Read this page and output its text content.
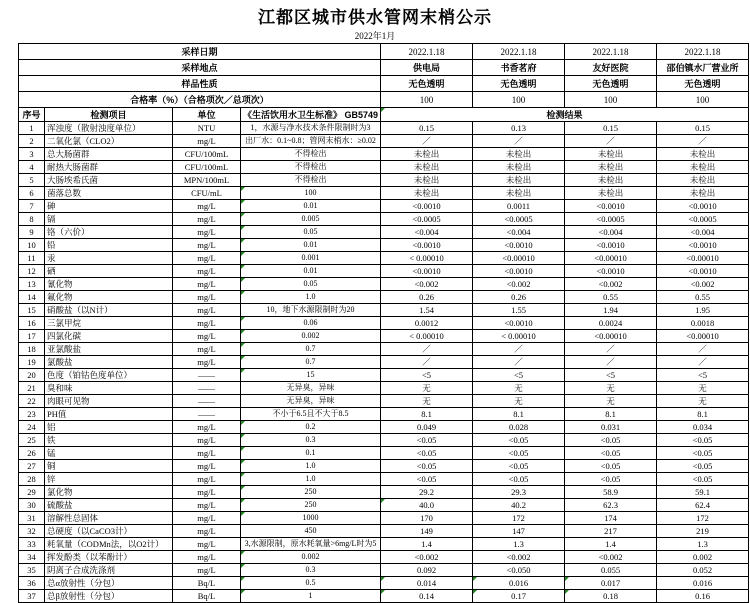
江都区城市供水管网末梢公示
2022年1月
采样日期				2022.1.18	2022.1.18	2022.1.18	2022.1.18
采样地点				供电局	书香茗府	友好医院	邵伯镇水厂营业所
样品性质				无色透明	无色透明	无色透明	无色透明
合格率（%）（合格项次／总项次）				100	100	100	100
序号	检测项目	单位	《生活饮用水卫生标准》 GB5749	检测结果			

1	浑浊度（散射浊度单位）	NTU	1，水源与净水技术条件限制时为3	0.15	0.13	0.15	0.15
2	二氧化氯（CLO2）	mg/L	出厂水：0.1~0.8；管网末梢水：≥0.02	／	／	／	／
3	总大肠菌群	CFU/100mL	不得检出	未检出	未检出	未检出	未检出
4	耐热大肠菌群	CFU/100mL	不得检出	未检出	未检出	未检出	未检出
5	大肠埃希氏菌	MPN/100mL	不得检出	未检出	未检出	未检出	未检出
6	菌落总数	CFU/mL	100	未检出	未检出	未检出	未检出
7	砷	mg/L	0.01	<0.0010	0.0011	<0.0010	<0.0010
8	镉	mg/L	0.005	<0.0005	<0.0005	<0.0005	<0.0005
9	铬（六价）	mg/L	0.05	<0.004	<0.004	<0.004	<0.004
10	铅	mg/L	0.01	<0.0010	<0.0010	<0.0010	<0.0010
11	汞	mg/L	0.001	< 0.00010	<0.00010	<0.00010	<0.00010
12	硒	mg/L	0.01	<0.0010	<0.0010	<0.0010	<0.0010
13	氰化物	mg/L	0.05	<0.002	<0.002	<0.002	<0.002
14	氟化物	mg/L	1.0	0.26	0.26	0.55	0.55
15	硝酸盐（以N计）	mg/L	10，地下水源限制时为20	1.54	1.55	1.94	1.95
16	三氯甲烷	mg/L	0.06	0.0012	<0.0010	0.0024	0.0018
17	四氯化碳	mg/L	0.002	< 0.00010	< 0.00010	<0.00010	<0.00010
18	亚氯酸盐	mg/L	0.7	／	／	／	／
19	氯酸盐	mg/L	0.7	／	／	／	／
20	色度（铂钴色度单位）	——	15	<5	<5	<5	<5
21	臭和味	——	无异臭，异味	无	无	无	无
22	肉眼可见物	——	无异臭，异味	无	无	无	无
23	PH值	——	不小于6.5且不大于8.5	8.1	8.1	8.1	8.1
24	铝	mg/L	0.2	0.049	0.028	0.031	0.034
25	铁	mg/L	0.3	<0.05	<0.05	<0.05	<0.05
26	锰	mg/L	0.1	<0.05	<0.05	<0.05	<0.05
27	铜	mg/L	1.0	<0.05	<0.05	<0.05	<0.05
28	锌	mg/L	1.0	<0.05	<0.05	<0.05	<0.05
29	氯化物	mg/L	250	29.2	29.3	58.9	59.1
30	硫酸盐	mg/L	250	40.0	40.2	62.3	62.4
31	溶解性总固体	mg/L	1000	170	172	174	172
32	总硬度（以CaCO3计）	mg/L	450	149	147	217	219
33	耗氧量（CODMn法，以O2计）	mg/L	3,水源限制，原水耗氧量>6mg/L时为5	1.4	1.3	1.4	1.3
34	挥发酚类（以苯酚计）	mg/L	0.002	<0.002	<0.002	<0.002	0.002
35	阴离子合成洗涤剂	mg/L	0.3	0.092	<0.050	0.055	0.052
36	总α放射性（分包）	Bq/L	0.5	0.014	0.016	0.017	0.016
37	总β放射性（分包）	Bq/L	1	0.14	0.17	0.18	0.16
